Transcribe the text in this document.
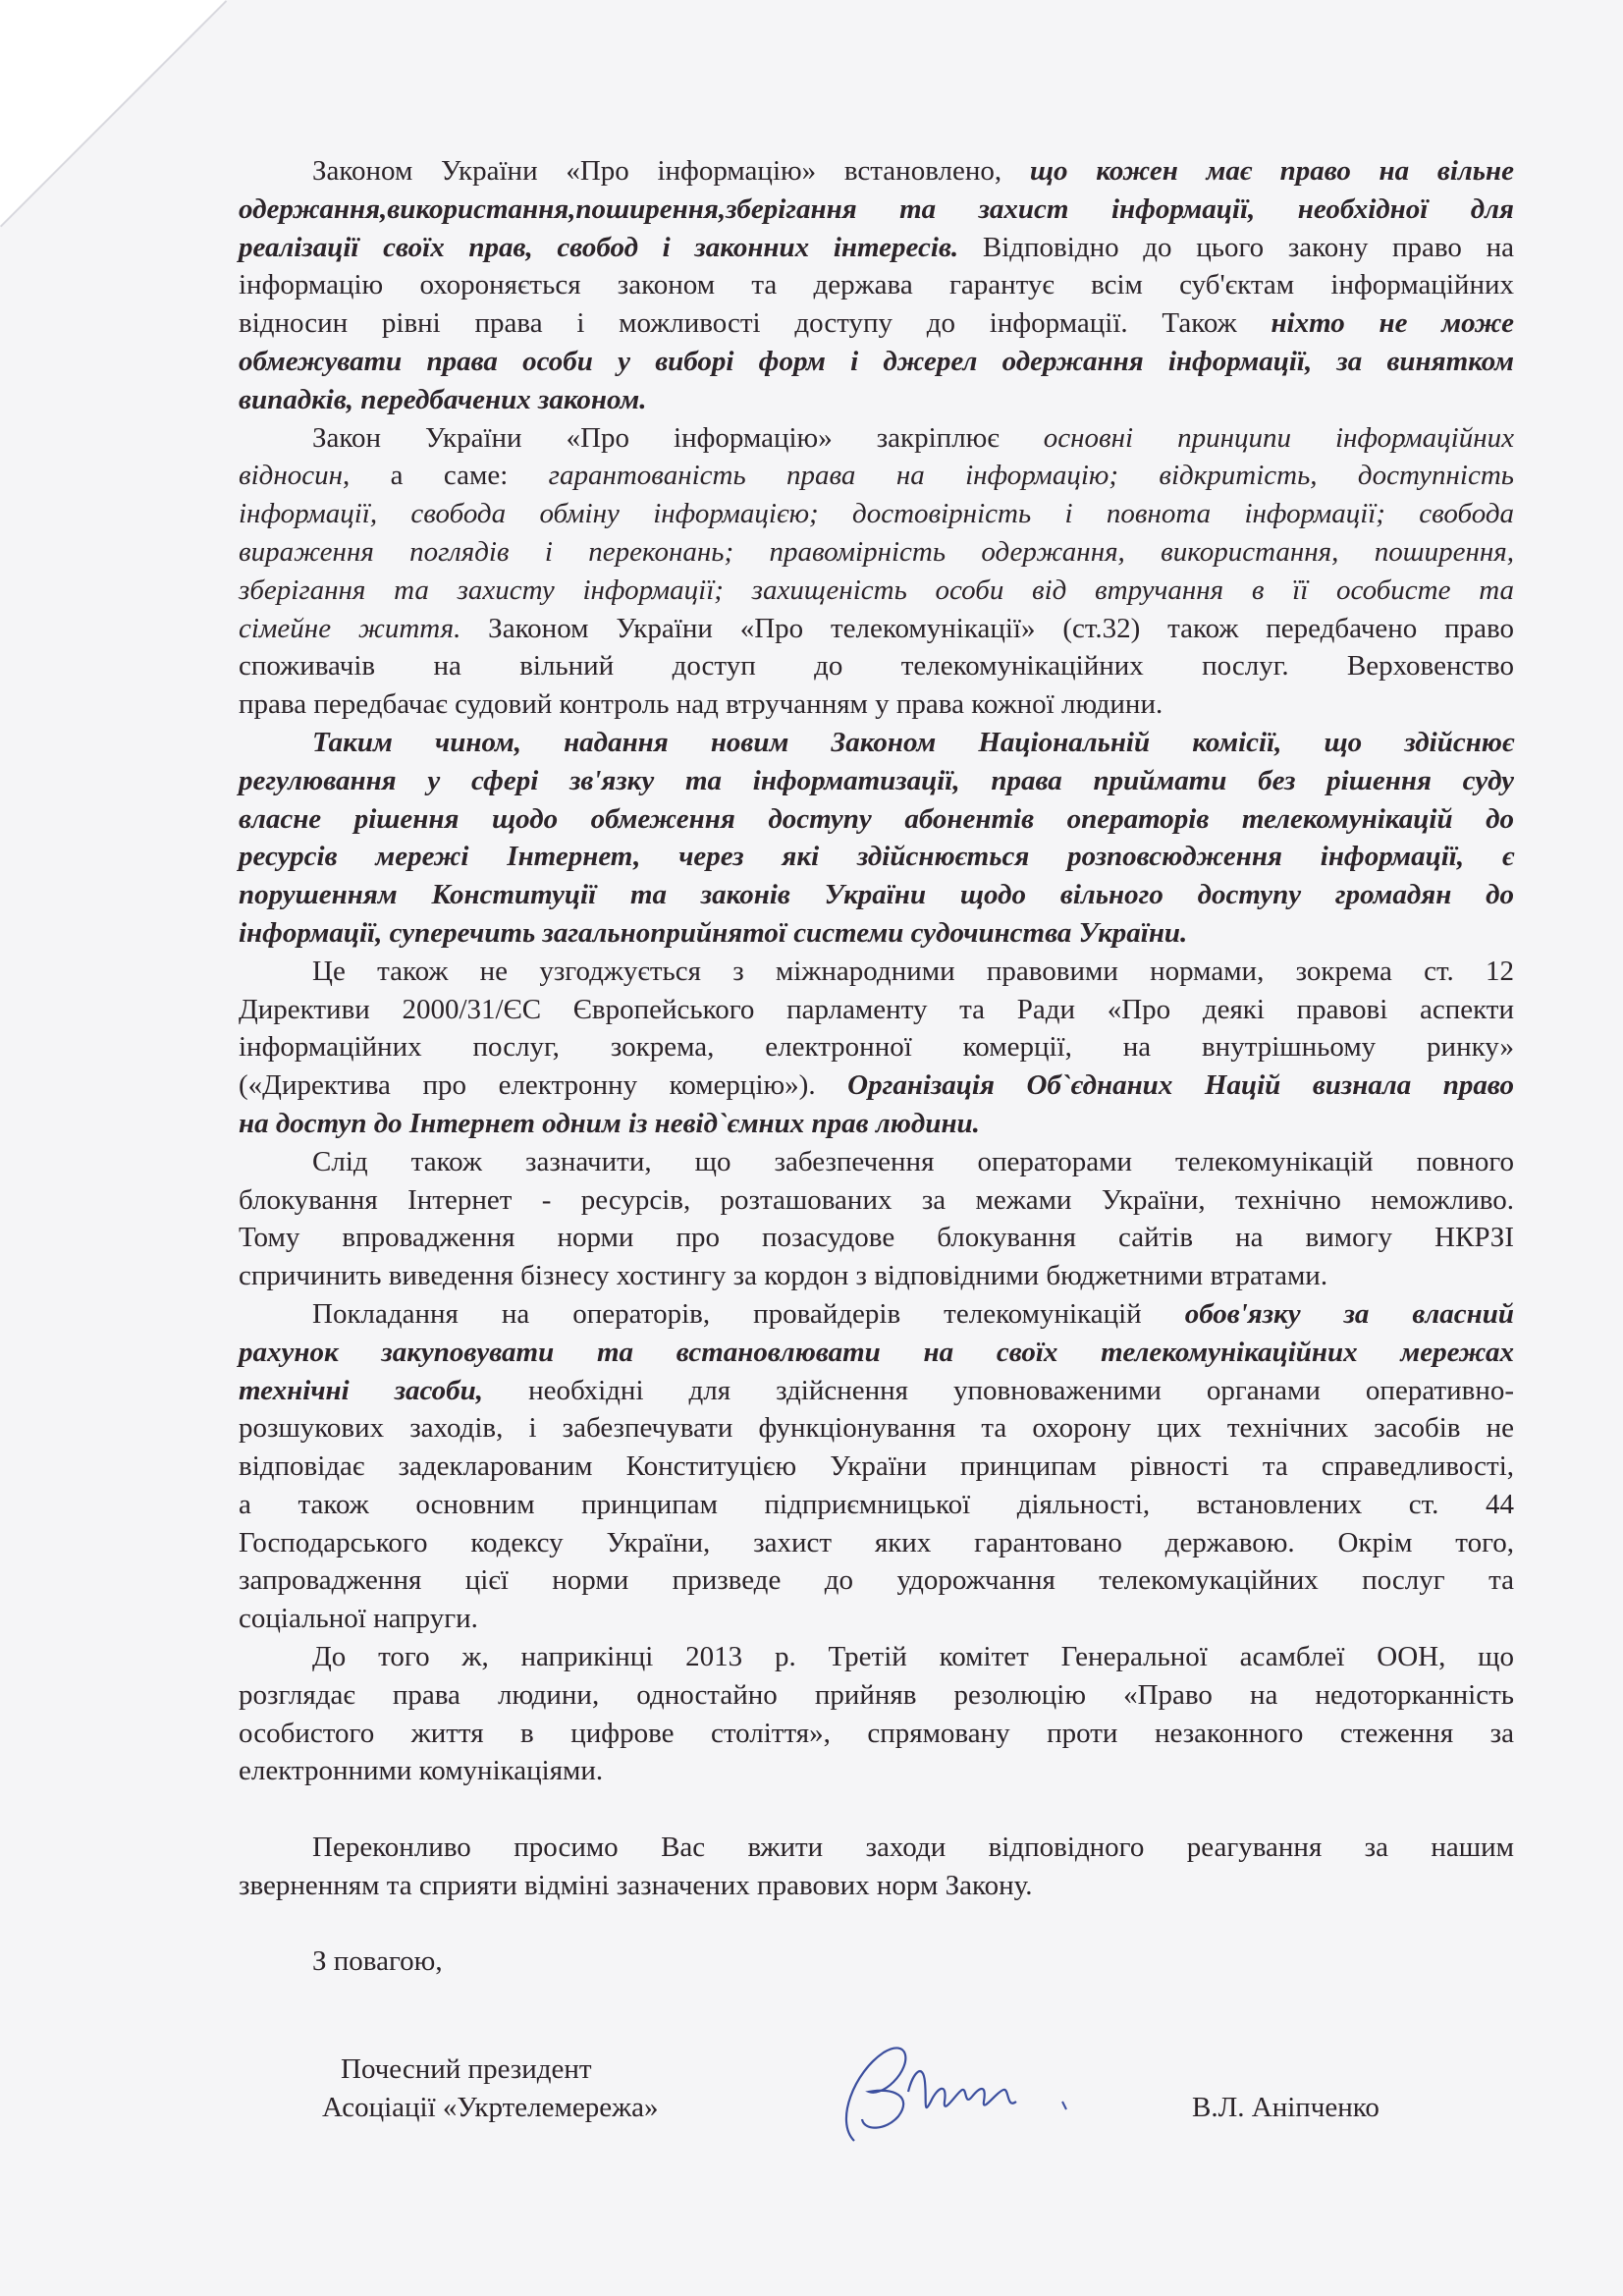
Законом України «Про інформацію» встановлено, що кожен має право на вільне
одержання,використання,поширення,зберігання та захист інформації, необхідної для
реалізації своїх прав, свобод і законних інтересів. Відповідно до цього закону право на
інформацію охороняється законом та держава гарантує всім суб'єктам інформаційних
відносин рівні права і можливості доступу до інформації. Також ніхто не може
обмежувати права особи у виборі форм і джерел одержання інформації, за винятком
випадків, передбачених законом.
Закон України «Про інформацію» закріплює основні принципи інформаційних
відносин, а саме: гарантованість права на інформацію; відкритість, доступність
інформації, свобода обміну інформацією; достовірність і повнота інформації; свобода
вираження поглядів і переконань; правомірність одержання, використання, поширення,
зберігання та захисту інформації; захищеність особи від втручання в її особисте та
сімейне життя. Законом України «Про телекомунікації» (ст.32) також передбачено право
споживачів на вільний доступ до телекомунікаційних послуг. Верховенство
права передбачає судовий контроль над втручанням у права кожної людини.
Таким чином, надання новим Законом Національній комісії, що здійснює
регулювання у сфері зв'язку та інформатизації, права приймати без рішення суду
власне рішення щодо обмеження доступу абонентів операторів телекомунікацій до
ресурсів мережі Інтернет, через які здійснюється розповсюдження інформації, є
порушенням Конституції та законів України щодо вільного доступу громадян до
інформації, суперечить загальноприйнятої системи судочинства України.
Це також не узгоджується з міжнародними правовими нормами, зокрема ст. 12
Директиви 2000/31/ЄС Європейського парламенту та Ради «Про деякі правові аспекти
інформаційних послуг, зокрема, електронної комерції, на внутрішньому ринку»
(«Директива про електронну комерцію»). Організація Об`єднаних Націй визнала право
на доступ до Інтернет одним із невід`ємних прав людини.
Слід також зазначити, що забезпечення операторами телекомунікацій повного
блокування Інтернет - ресурсів, розташованих за межами України, технічно неможливо.
Тому впровадження норми про позасудове блокування сайтів на вимогу НКРЗІ
спричинить виведення бізнесу хостингу за кордон з відповідними бюджетними втратами.
Покладання на операторів, провайдерів телекомунікацій обов'язку за власний
рахунок закуповувати та встановлювати на своїх телекомунікаційних мережах
технічні засоби, необхідні для здійснення уповноваженими органами оперативно-
розшукових заходів, і забезпечувати функціонування та охорону цих технічних засобів не
відповідає задекларованим Конституцією України принципам рівності та справедливості,
а також основним принципам підприємницької діяльності, встановлених ст. 44
Господарського кодексу України, захист яких гарантовано державою. Окрім того,
запровадження цієї норми призведе до удорожчання телекомукаційних послуг та
соціальної напруги.
До того ж, наприкінці 2013 р. Третій комітет Генеральної асамблеї ООН, що
розглядає права людини, одностайно прийняв резолюцію «Право на недоторканність
особистого життя в цифрове століття», спрямовану проти незаконного стеження за
електронними комунікаціями.
Переконливо просимо Вас вжити заходи відповідного реагування за нашим
зверненням та сприяти відміні зазначених правових норм Закону.
З повагою,
Почесний президент
Асоціації «Укртелемережа»	В.Л. Аніпченко
